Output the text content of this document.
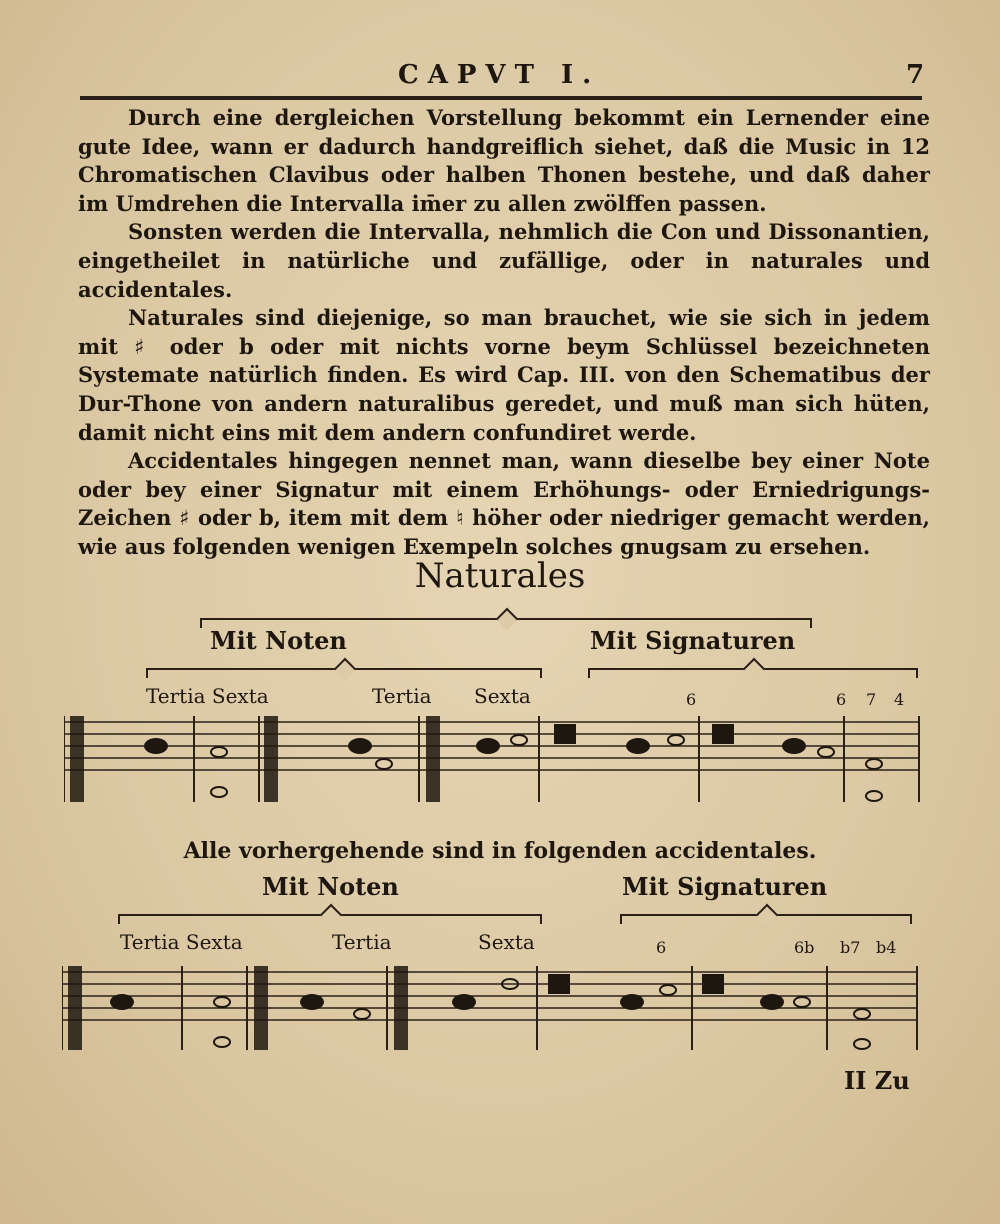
CAPVT I.	7

Durch eine dergleichen Vorstellung bekommt ein Lernender eine gute Idee, wann er dadurch handgreiflich siehet, daß die Music in 12 Chromatischen Clavibus oder halben Thonen bestehe, und daß daher im Umdrehen die Intervalla im̄er zu allen zwölffen passen.

Sonsten werden die Intervalla, nehmlich die Con und Dissonantien, eingetheilet in natürliche und zufällige, oder in naturales und accidentales.

Naturales sind diejenige, so man brauchet, wie sie sich in jedem mit ♯ oder b oder mit nichts vorne beym Schlüssel bezeichneten Systemate natürlich finden. Es wird Cap. III. von den Schematibus der Dur-Thone von andern naturalibus geredet, und muß man sich hüten, damit nicht eins mit dem andern confundiret werde.

Accidentales hingegen nennet man, wann dieselbe bey einer Note oder bey einer Signatur mit einem Erhöhungs- oder Erniedrigungs-Zeichen ♯ oder b, item mit dem ♮ höher oder niedriger gemacht werden, wie aus folgenden wenigen Exempeln solches gnugsam zu ersehen.

Naturales
Mit Noten	Mit Signaturen
Tertia Sexta	Tertia Sexta	6	6 7 4
Alle vorhergehende sind in folgenden accidentales.
Mit Noten	Mit Signaturen
Tertia Sexta	Tertia	Sexta	6	6b b7 b4
II Zu
